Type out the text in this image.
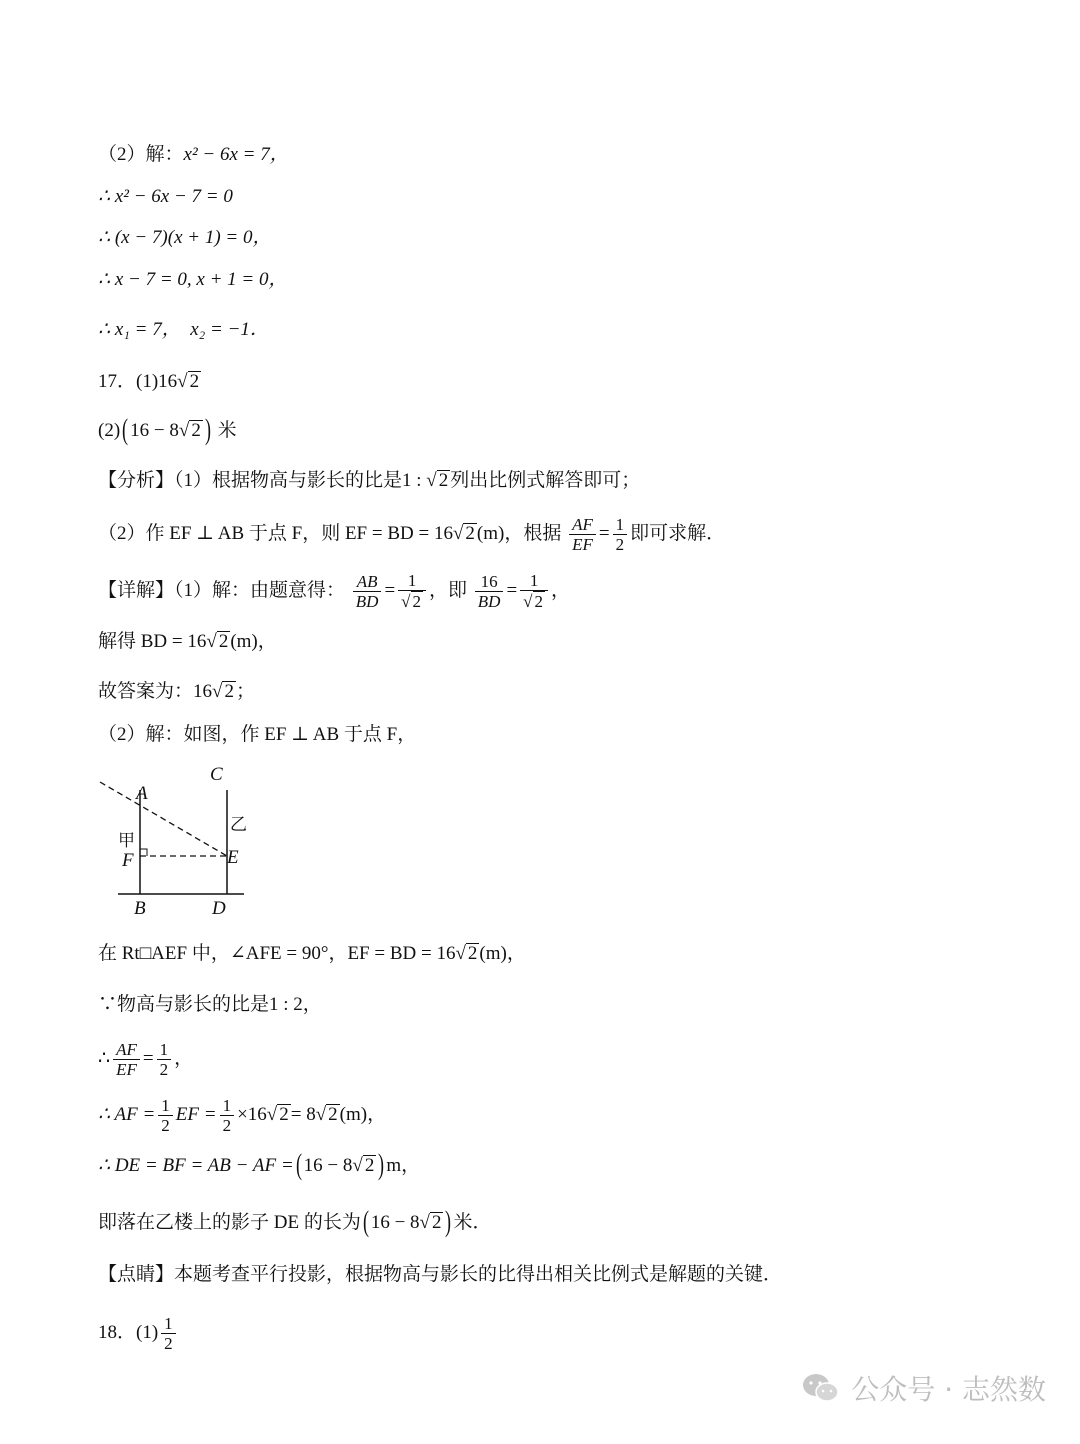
（2）解：x² − 6x = 7，
∴ x² − 6x − 7 = 0
∴ (x − 7)(x + 1) = 0，
∴ x − 7 = 0, x + 1 = 0，
∴ x₁ = 7， x₂ = −1．
17．(1)16√ 2
(2)( 16 − 8√ 2 ) 米
【分析】（1）根据物高与影长的比是1 : √ 2 列出比例式解答即可；
（2）作 EF ⊥ AB 于点 F，则 EF = BD = 16√ 2 (m)，根据 $\frac{AF}{EF} = \frac{1}{2}$ 即可求解．
【详解】（1）解：由题意得： $\frac{AB}{BD} = \frac{1}{√ 2}$ ，即 $\frac{16}{BD} = \frac{1}{√ 2}$ ，
解得 BD = 16√ 2 (m)，
故答案为：16√ 2 ；
（2）解：如图，作 EF ⊥ AB 于点 F，
C
A
F	E
B	D
甲
乙
在 Rt□AEF 中，∠AFE = 90°，EF = BD = 16√ 2 (m)，
∵物高与影长的比是1 : 2，
∴ $\frac{AF}{EF} = \frac{1}{2}$ ，
∴ AF = $\frac{1}{2}$ EF = $\frac{1}{2} \times 16√$ 2 = 8√ 2 (m)，
∴ DE = BF = AB − AF =( 16 − 8√ 2 ) m，
即落在乙楼上的影子 DE 的长为( 16 − 8√ 2 ) 米．
【点睛】本题考查平行投影，根据物高与影长的比得出相关比例式是解题的关键．
18．$(1) \frac{1}{2}$
公众号 · 志然数
